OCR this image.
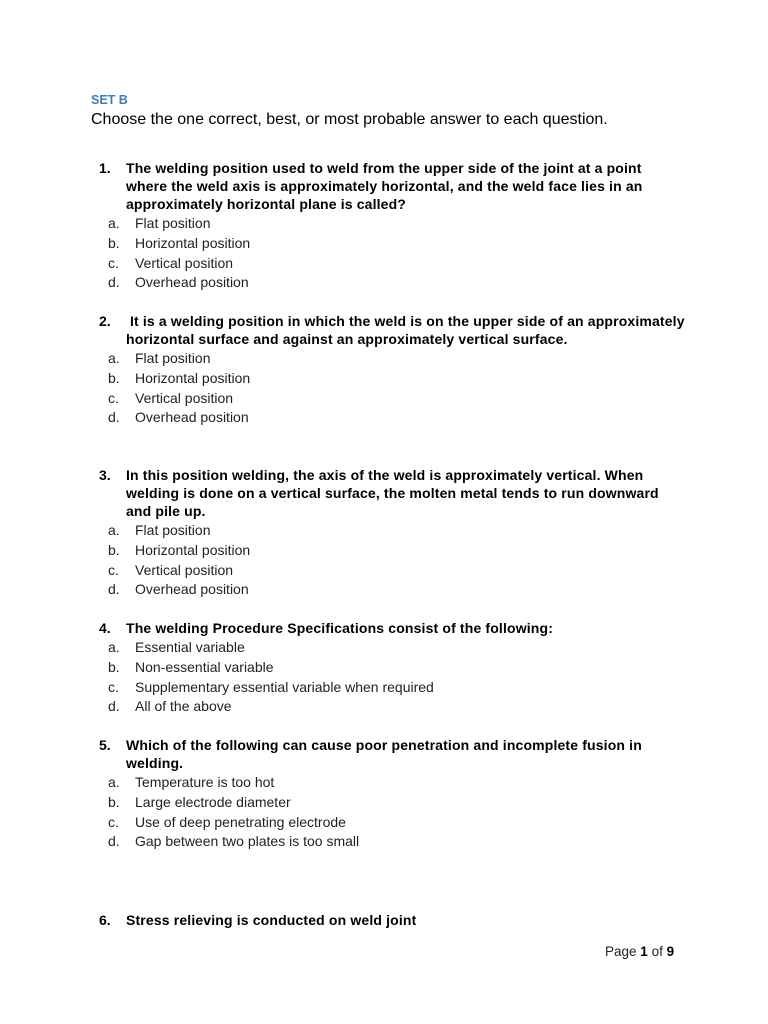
SET B
Choose the one correct, best, or most probable answer to each question.
1. The welding position used to weld from the upper side of the joint at a point where the weld axis is approximately horizontal, and the weld face lies in an approximately horizontal plane is called?
a. Flat position
b. Horizontal position
c. Vertical position
d. Overhead position
2. It is a welding position in which the weld is on the upper side of an approximately horizontal surface and against an approximately vertical surface.
a. Flat position
b. Horizontal position
c. Vertical position
d. Overhead position
3. In this position welding, the axis of the weld is approximately vertical. When welding is done on a vertical surface, the molten metal tends to run downward and pile up.
a. Flat position
b. Horizontal position
c. Vertical position
d. Overhead position
4. The welding Procedure Specifications consist of the following:
a. Essential variable
b. Non-essential variable
c. Supplementary essential variable when required
d. All of the above
5. Which of the following can cause poor penetration and incomplete fusion in welding.
a. Temperature is too hot
b. Large electrode diameter
c. Use of deep penetrating electrode
d. Gap between two plates is too small
6. Stress relieving is conducted on weld joint
Page 1 of 9
